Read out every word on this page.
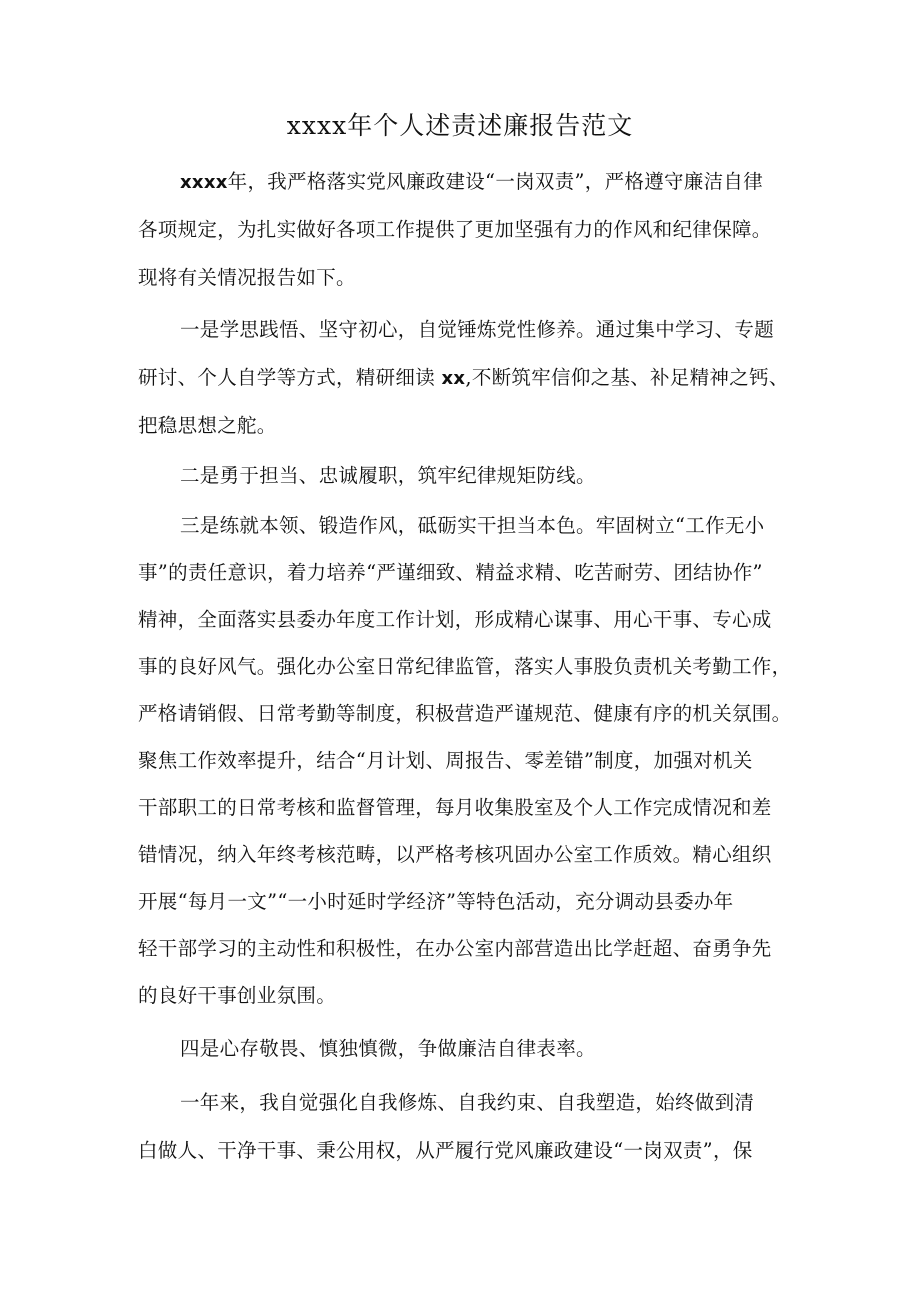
xxxx年个人述责述廉报告范文
xxxx年，我严格落实党风廉政建设“一岗双责”，严格遵守廉洁自律
各项规定，为扎实做好各项工作提供了更加坚强有力的作风和纪律保障。
现将有关情况报告如下。
一是学思践悟、坚守初心，自觉锤炼党性修养。通过集中学习、专题
研讨、个人自学等方式，精研细读 xx,不断筑牢信仰之基、补足精神之钙、
把稳思想之舵。
二是勇于担当、忠诚履职，筑牢纪律规矩防线。
三是练就本领、锻造作风，砥砺实干担当本色。牢固树立“工作无小
事”的责任意识，着力培养“严谨细致、精益求精、吃苦耐劳、团结协作”
精神，全面落实县委办年度工作计划，形成精心谋事、用心干事、专心成
事的良好风气。强化办公室日常纪律监管，落实人事股负责机关考勤工作，
严格请销假、日常考勤等制度，积极营造严谨规范、健康有序的机关氛围。
聚焦工作效率提升，结合“月计划、周报告、零差错”制度，加强对机关
干部职工的日常考核和监督管理，每月收集股室及个人工作完成情况和差
错情况，纳入年终考核范畴，以严格考核巩固办公室工作质效。精心组织
开展“每月一文”“一小时延时学经济”等特色活动，充分调动县委办年
轻干部学习的主动性和积极性，在办公室内部营造出比学赶超、奋勇争先
的良好干事创业氛围。
四是心存敬畏、慎独慎微，争做廉洁自律表率。
一年来，我自觉强化自我修炼、自我约束、自我塑造，始终做到清
白做人、干净干事、秉公用权，从严履行党风廉政建设“一岗双责”，保
